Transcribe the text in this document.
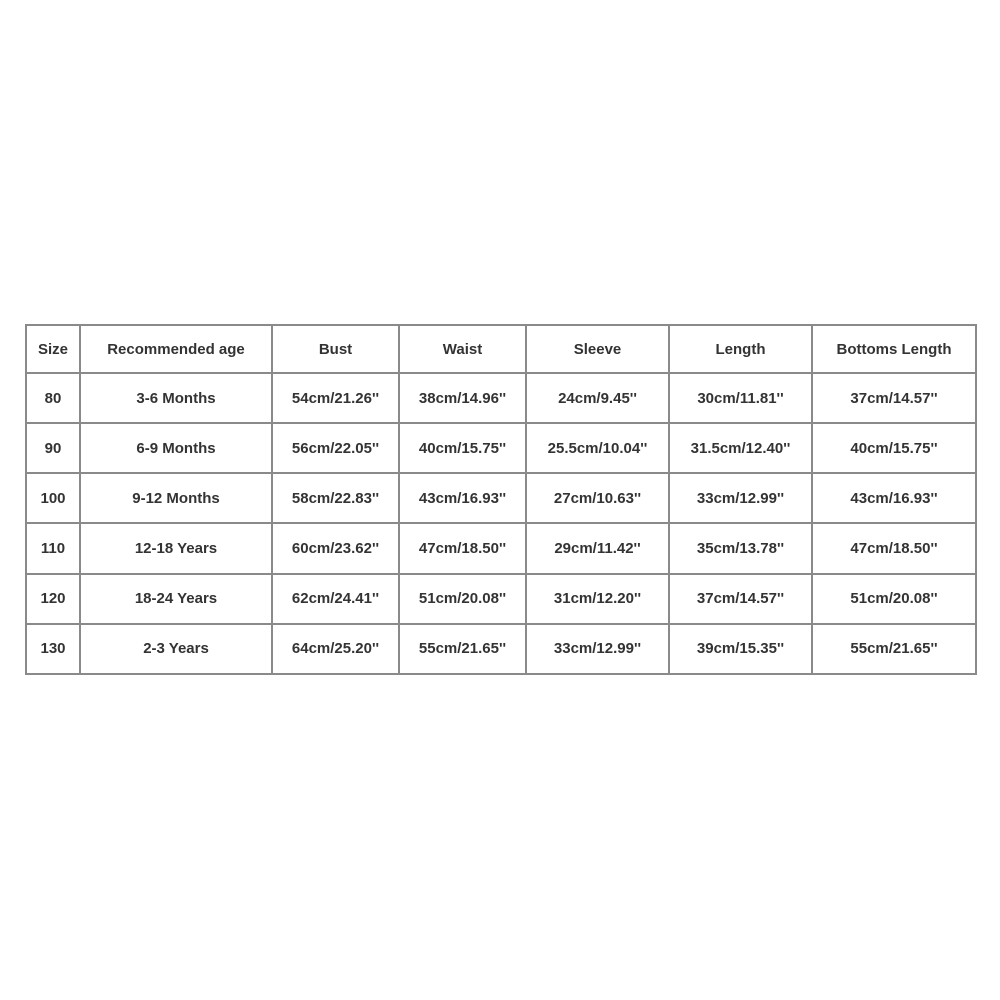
Size	Recommended age	Bust	Waist	Sleeve	Length	Bottoms Length
80	3-6 Months	54cm/21.26''	38cm/14.96''	24cm/9.45''	30cm/11.81''	37cm/14.57''
90	6-9 Months	56cm/22.05''	40cm/15.75''	25.5cm/10.04''	31.5cm/12.40''	40cm/15.75''
100	9-12 Months	58cm/22.83''	43cm/16.93''	27cm/10.63''	33cm/12.99''	43cm/16.93''
110	12-18 Years	60cm/23.62''	47cm/18.50''	29cm/11.42''	35cm/13.78''	47cm/18.50''
120	18-24 Years	62cm/24.41''	51cm/20.08''	31cm/12.20''	37cm/14.57''	51cm/20.08''
130	2-3 Years	64cm/25.20''	55cm/21.65''	33cm/12.99''	39cm/15.35''	55cm/21.65''
